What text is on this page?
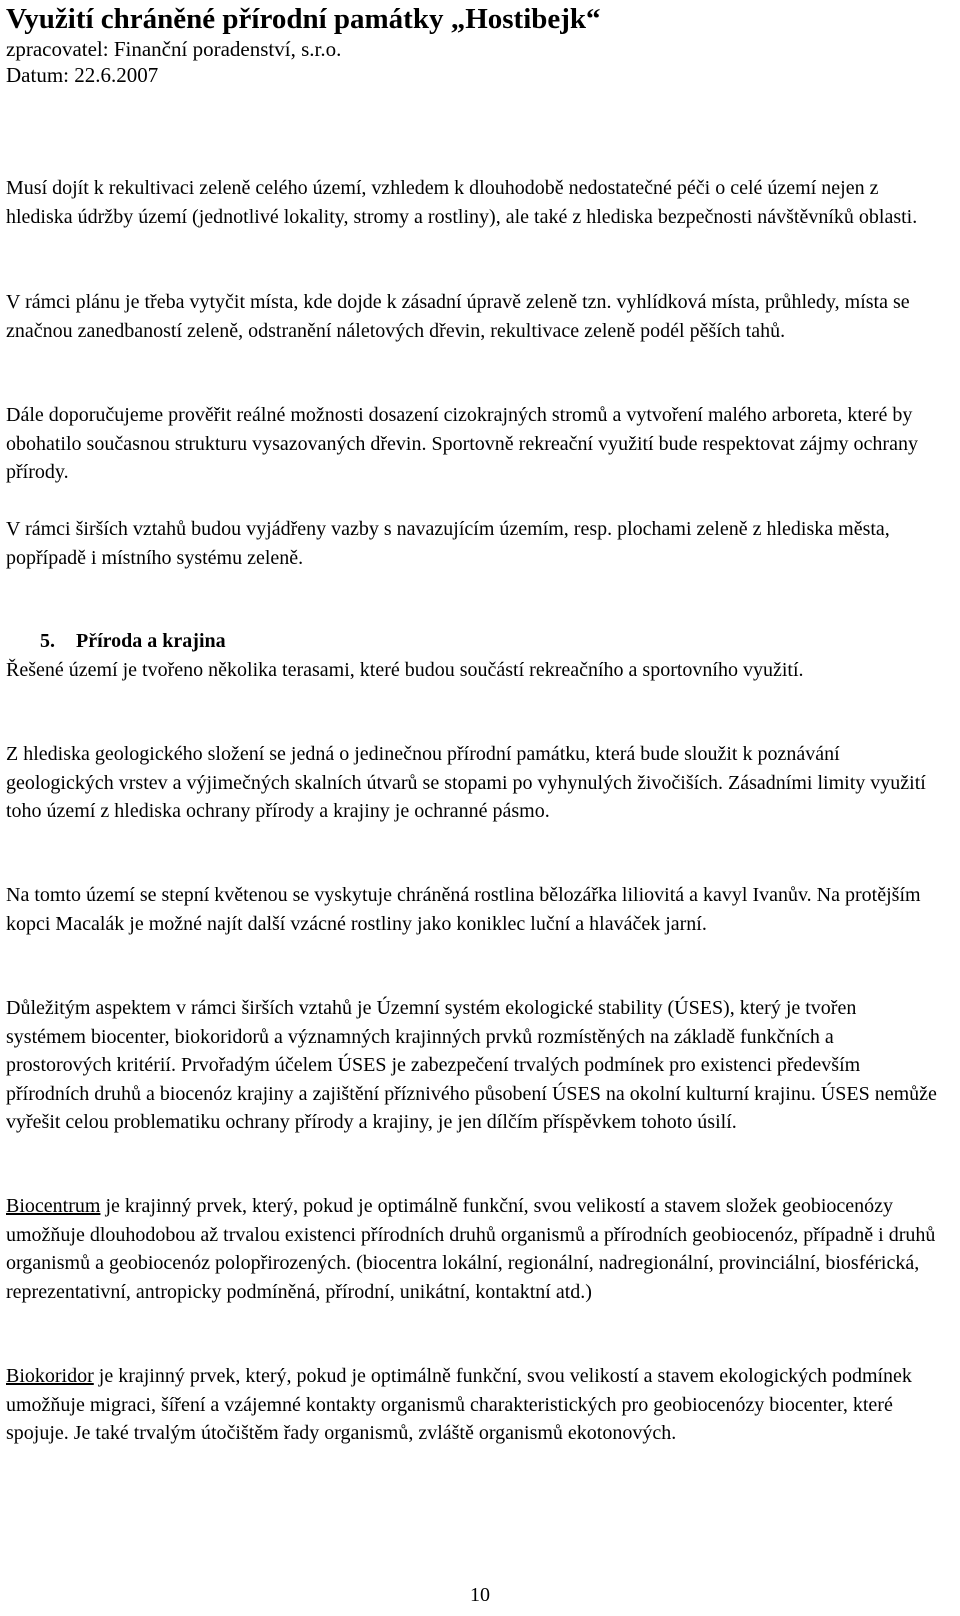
Využití chráněné přírodní památky „Hostibejk“
zpracovatel: Finanční poradenství, s.r.o.
Datum: 22.6.2007

Musí dojít k rekultivaci zeleně celého území, vzhledem k dlouhodobě nedostatečné péči o celé území nejen z hlediska údržby území (jednotlivé lokality, stromy a rostliny), ale také z hlediska bezpečnosti návštěvníků oblasti.

V rámci plánu je třeba vytyčit místa, kde dojde k zásadní úpravě zeleně tzn. vyhlídková místa, průhledy, místa se značnou zanedbaností zeleně, odstranění náletových dřevin, rekultivace zeleně podél pěších tahů.

Dále doporučujeme prověřit reálné možnosti dosazení cizokrajných stromů a vytvoření malého arboreta, které by obohatilo současnou strukturu vysazovaných dřevin. Sportovně rekreační využití bude respektovat zájmy ochrany přírody.

V rámci širších vztahů budou vyjádřeny vazby s navazujícím územím, resp. plochami zeleně z hlediska města, popřípadě i místního systému zeleně.

5. Příroda a krajina

Řešené území je tvořeno několika terasami, které budou součástí rekreačního a sportovního využití.

Z hlediska geologického složení se jedná o jedinečnou přírodní památku, která bude sloužit k poznávání geologických vrstev a výjimečných skalních útvarů se stopami po vyhynulých živočiších. Zásadními limity využití toho území z hlediska ochrany přírody a krajiny je ochranné pásmo.

Na tomto území se stepní květenou se vyskytuje chráněná rostlina bělozářka liliovitá a kavyl Ivanův. Na protějším kopci Macalák je možné najít další vzácné rostliny jako koniklec luční a hlaváček jarní.

Důležitým aspektem v rámci širších vztahů je Územní systém ekologické stability (ÚSES), který je tvořen systémem biocenter, biokoridorů a významných krajinných prvků rozmístěných na základě funkčních a prostorových kritérií. Prvořadým účelem ÚSES je zabezpečení trvalých podmínek pro existenci především přírodních druhů a biocenóz krajiny a zajištění příznivého působení ÚSES na okolní kulturní krajinu. ÚSES nemůže vyřešit celou problematiku ochrany přírody a krajiny, je jen dílčím příspěvkem tohoto úsilí.

Biocentrum je krajinný prvek, který, pokud je optimálně funkční, svou velikostí a stavem složek geobiocenózy umožňuje dlouhodobou až trvalou existenci přírodních druhů organismů a přírodních geobiocenóz, případně i druhů organismů a geobiocenóz polopřirozených. (biocentra lokální, regionální, nadregionální, provinciální, biosférická, reprezentativní, antropicky podmíněná, přírodní, unikátní, kontaktní atd.)

Biokoridor je krajinný prvek, který, pokud je optimálně funkční, svou velikostí a stavem ekologických podmínek umožňuje migraci, šíření a vzájemné kontakty organismů charakteristických pro geobiocenózy biocenter, které spojuje. Je také trvalým útočištěm řady organismů, zvláště organismů ekotonových.

10
